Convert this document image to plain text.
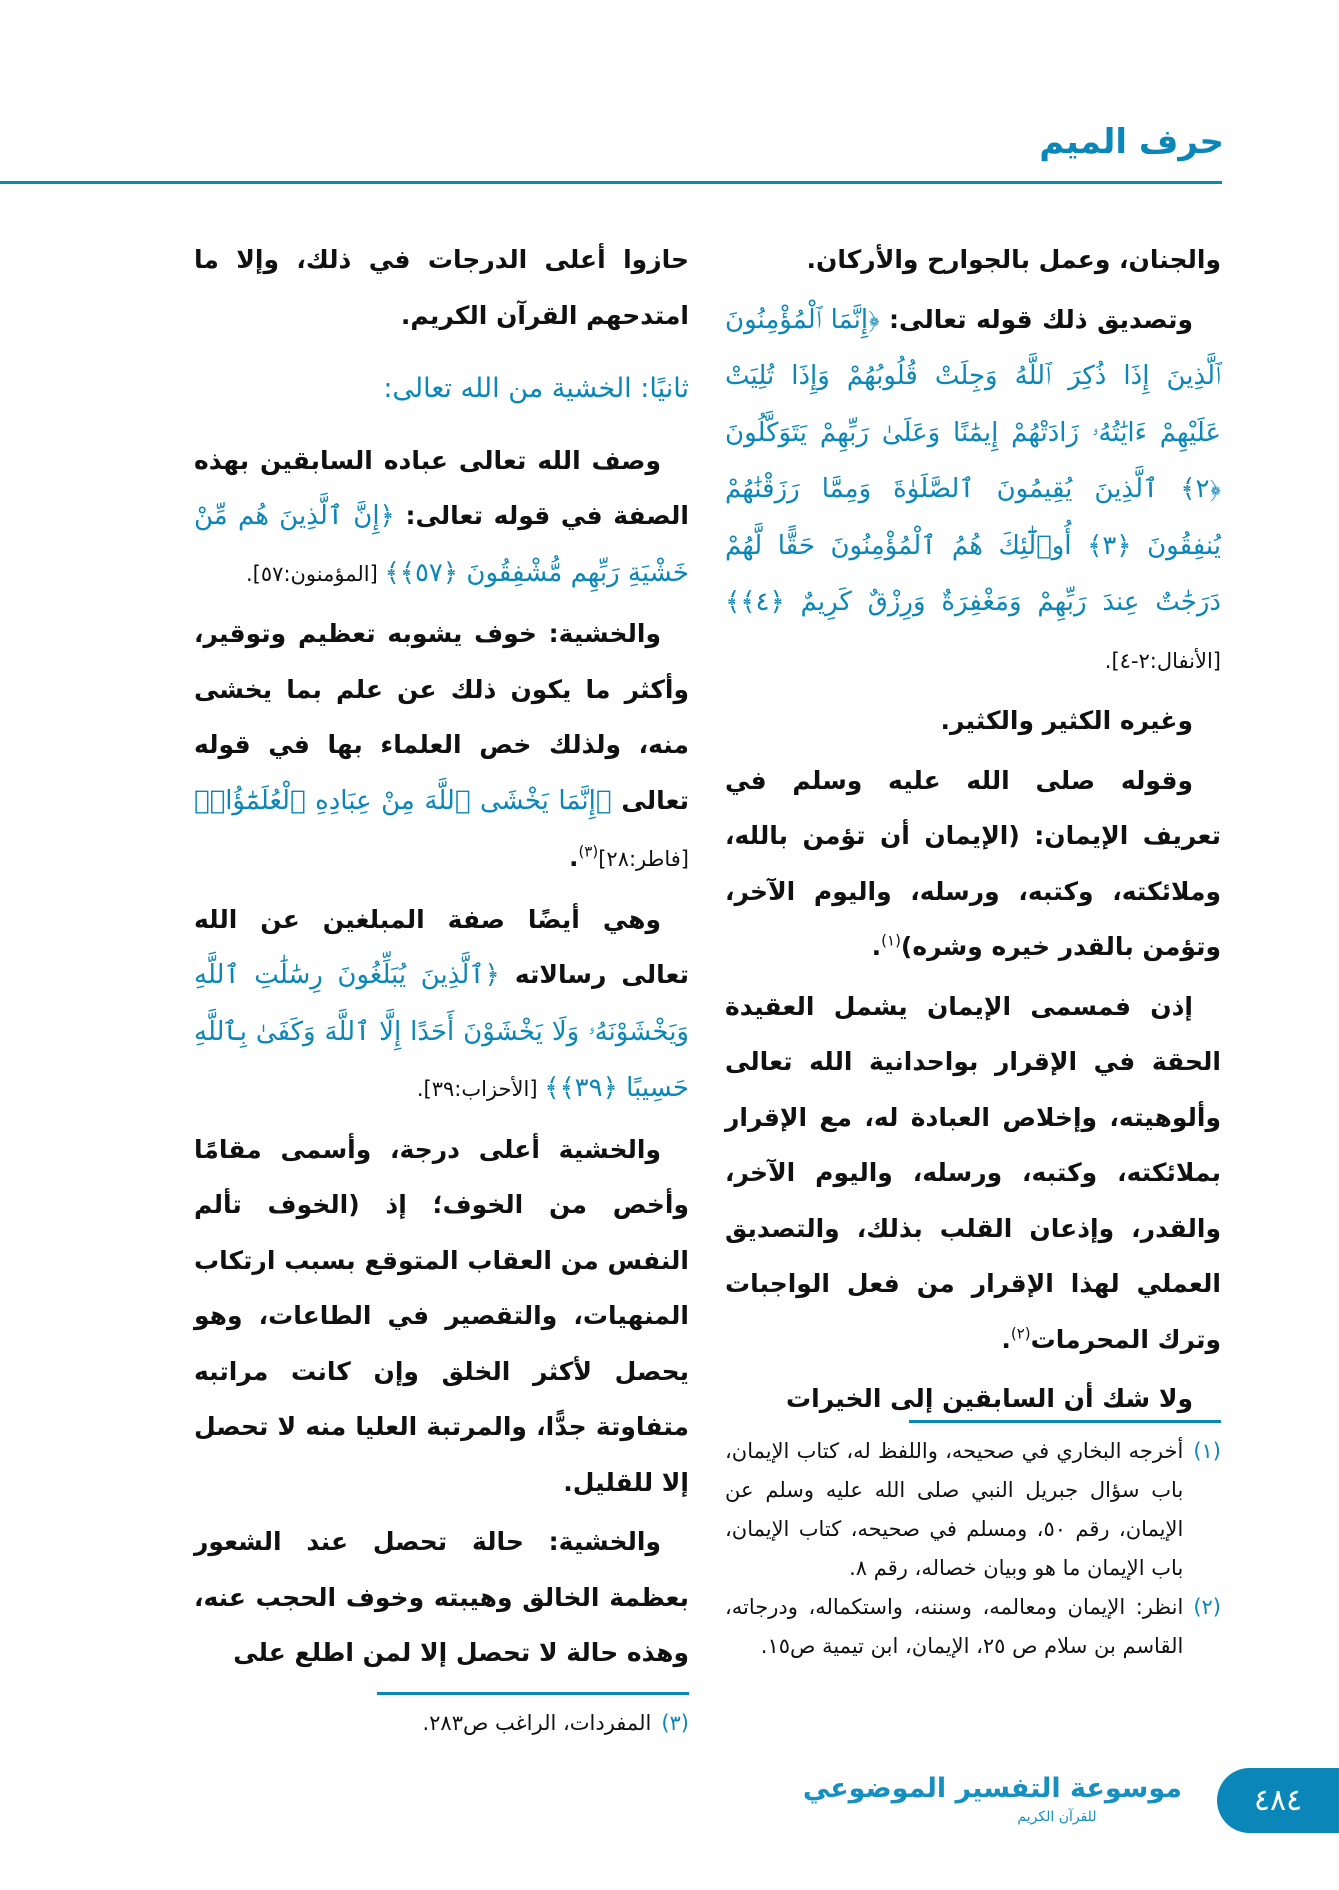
حرف الميم

والجنان، وعمل بالجوارح والأركان.

وتصديق ذلك قوله تعالى: ﴿إِنَّمَا ٱلْمُؤْمِنُونَ ٱلَّذِينَ إِذَا ذُكِرَ ٱللَّهُ وَجِلَتْ قُلُوبُهُمْ وَإِذَا تُلِيَتْ عَلَيْهِمْ ءَايَٰتُهُۥ زَادَتْهُمْ إِيمَٰنًا وَعَلَىٰ رَبِّهِمْ يَتَوَكَّلُونَ ﴿٢﴾ ٱلَّذِينَ يُقِيمُونَ ٱلصَّلَوٰةَ وَمِمَّا رَزَقْنَٰهُمْ يُنفِقُونَ ﴿٣﴾ أُو۟لَٰٓئِكَ هُمُ ٱلْمُؤْمِنُونَ حَقًّا لَّهُمْ دَرَجَٰتٌ عِندَ رَبِّهِمْ وَمَغْفِرَةٌ وَرِزْقٌ كَرِيمٌ ﴿٤﴾﴾ [الأنفال:٢-٤].

وغيره الكثير والكثير.

وقوله صلى الله عليه وسلم في تعريف الإيمان: (الإيمان أن تؤمن بالله، وملائكته، وكتبه، ورسله، واليوم الآخر، وتؤمن بالقدر خيره وشره)$^{(١)}$.

إذن فمسمى الإيمان يشمل العقيدة الحقة في الإقرار بواحدانية الله تعالى وألوهيته، وإخلاص العبادة له، مع الإقرار بملائكته، وكتبه، ورسله، واليوم الآخر، والقدر، وإذعان القلب بذلك، والتصديق العملي لهذا الإقرار من فعل الواجبات وترك المحرمات$^{(٢)}$.

ولا شك أن السابقين إلى الخيرات

(١)
أخرجه البخاري في صحيحه، واللفظ له، كتاب الإيمان، باب سؤال جبريل النبي صلى الله عليه وسلم عن الإيمان، رقم ٥٠، ومسلم في صحيحه، كتاب الإيمان، باب الإيمان ما هو وبيان خصاله، رقم ٨.
(٢)
انظر: الإيمان ومعالمه، وسننه، واستكماله، ودرجاته، القاسم بن سلام ص ٢٥، الإيمان، ابن تيمية ص١٥.

حازوا أعلى الدرجات في ذلك، وإلا ما امتدحهم القرآن الكريم.

ثانيًا: الخشية من الله تعالى:

وصف الله تعالى عباده السابقين بهذه الصفة في قوله تعالى: ﴿إِنَّ ٱلَّذِينَ هُم مِّنْ خَشْيَةِ رَبِّهِم مُّشْفِقُونَ ﴿٥٧﴾﴾ [المؤمنون:٥٧].

والخشية: خوف يشوبه تعظيم وتوقير، وأكثر ما يكون ذلك عن علم بما يخشى منه، ولذلك خص العلماء بها في قوله تعالى ﴿إِنَّمَا يَخْشَى ٱللَّهَ مِنْ عِبَادِهِ ٱلْعُلَمَٰٓؤُا۟﴾ [فاطر:٢٨]$^{(٣)}$.

وهي أيضًا صفة المبلغين عن الله تعالى رسالاته ﴿ٱلَّذِينَ يُبَلِّغُونَ رِسَٰلَٰتِ ٱللَّهِ وَيَخْشَوْنَهُۥ وَلَا يَخْشَوْنَ أَحَدًا إِلَّا ٱللَّهَ وَكَفَىٰ بِٱللَّهِ حَسِيبًا ﴿٣٩﴾﴾ [الأحزاب:٣٩].

والخشية أعلى درجة، وأسمى مقامًا وأخص من الخوف؛ إذ (الخوف تألم النفس من العقاب المتوقع بسبب ارتكاب المنهيات، والتقصير في الطاعات، وهو يحصل لأكثر الخلق وإن كانت مراتبه متفاوتة جدًّا، والمرتبة العليا منه لا تحصل إلا للقليل.

والخشية: حالة تحصل عند الشعور بعظمة الخالق وهيبته وخوف الحجب عنه، وهذه حالة لا تحصل إلا لمن اطلع على

(٣)
المفردات، الراغب ص٢٨٣.
موسوعة التفسير الموضوعي
للقرآن الكريم	٤٨٤
